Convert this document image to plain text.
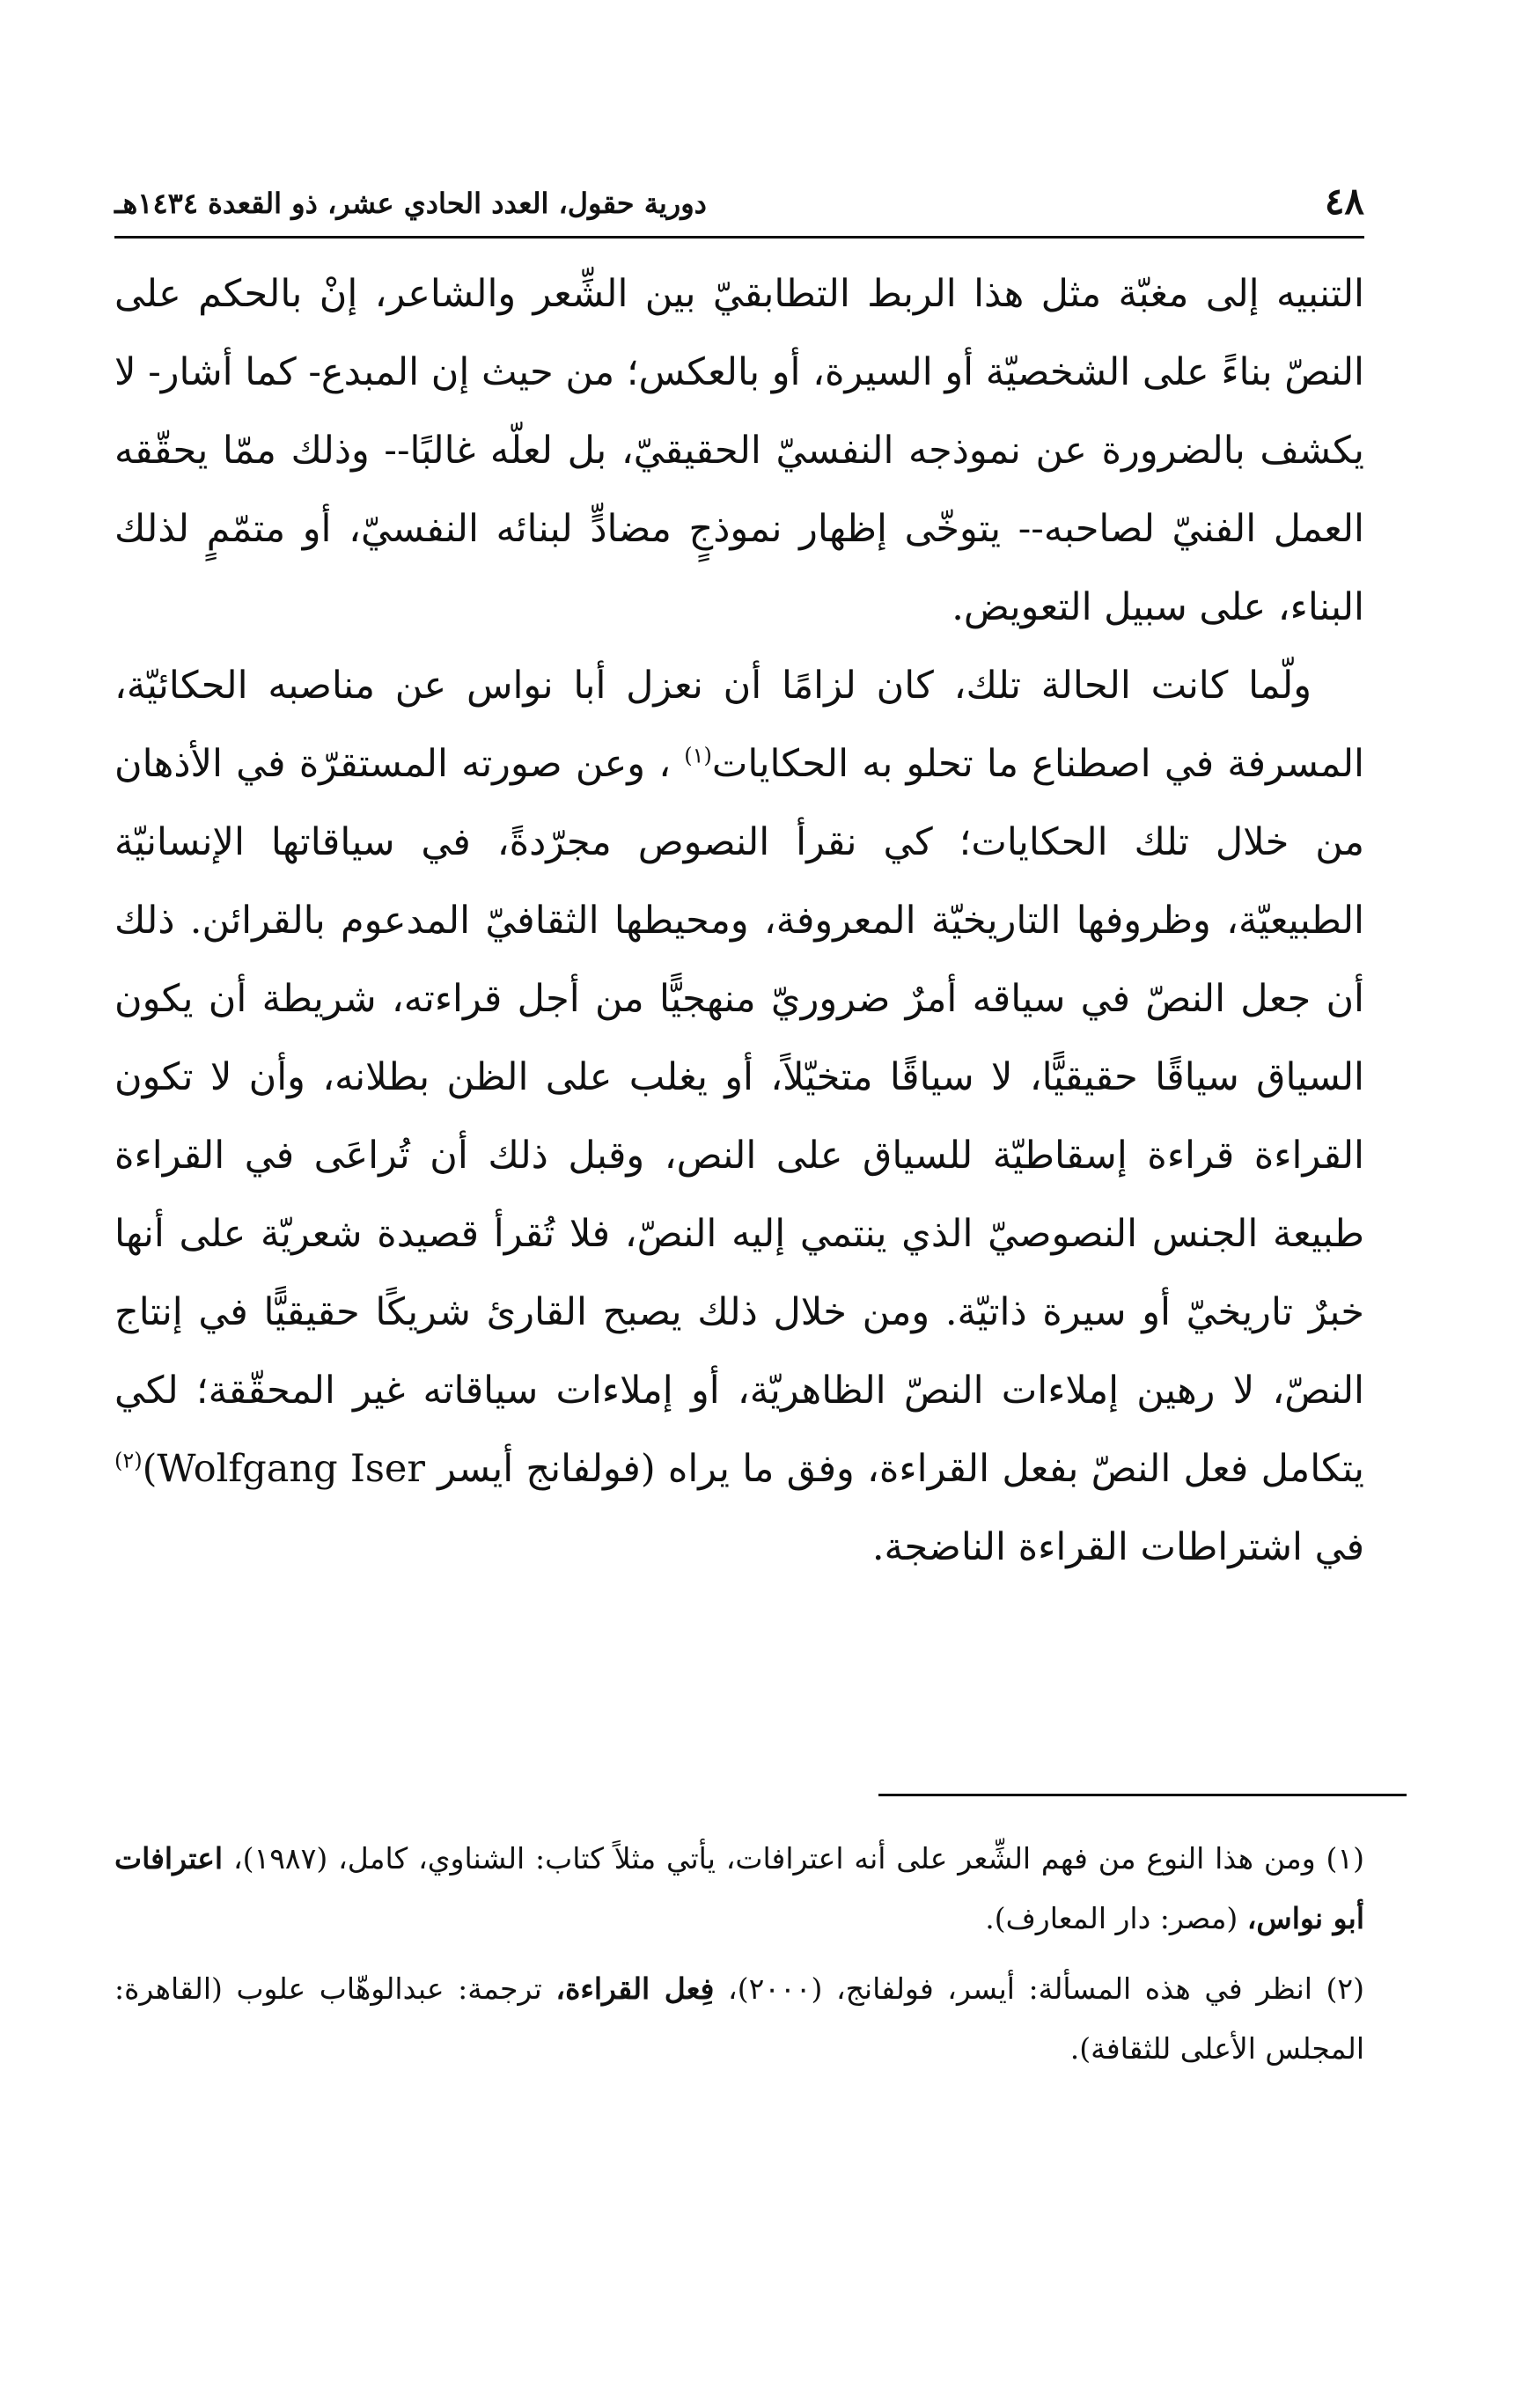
٤٨
دورية حقول، العدد الحادي عشر، ذو القعدة ١٤٣٤هـ

التنبيه إلى مغبّة مثل هذا الربط التطابقيّ بين الشِّعر والشاعر، إنْ بالحكم على النصّ بناءً على الشخصيّة أو السيرة، أو بالعكس؛ من حيث إن المبدع- كما أشار- لا يكشف بالضرورة عن نموذجه النفسيّ الحقيقيّ، بل لعلّه غالبًا-- وذلك ممّا يحقّقه العمل الفنيّ لصاحبه-- يتوخّى إظهار نموذجٍ مضادٍّ لبنائه النفسيّ، أو متمّمٍ لذلك البناء، على سبيل التعويض.

ولّما كانت الحالة تلك، كان لزامًا أن نعزل أبا نواس عن مناصبه الحكائيّة، المسرفة في اصطناع ما تحلو به الحكايات$^{(١)}$ ، وعن صورته المستقرّة في الأذهان من خلال تلك الحكايات؛ كي نقرأ النصوص مجرّدةً، في سياقاتها الإنسانيّة الطبيعيّة، وظروفها التاريخيّة المعروفة، ومحيطها الثقافيّ المدعوم بالقرائن. ذلك أن جعل النصّ في سياقه أمرٌ ضروريّ منهجيًّا من أجل قراءته، شريطة أن يكون السياق سياقًا حقيقيًّا، لا سياقًا متخيّلاً، أو يغلب على الظن بطلانه، وأن لا تكون القراءة قراءة إسقاطيّة للسياق على النص، وقبل ذلك أن تُراعَى في القراءة طبيعة الجنس النصوصيّ الذي ينتمي إليه النصّ، فلا تُقرأ قصيدة شعريّة على أنها خبرٌ تاريخيّ أو سيرة ذاتيّة. ومن خلال ذلك يصبح القارئ شريكًا حقيقيًّا في إنتاج النصّ، لا رهين إملاءات النصّ الظاهريّة، أو إملاءات سياقاته غير المحقّقة؛ لكي يتكامل فعل النصّ بفعل القراءة، وفق ما يراه (فولفانج أيسر Wolfgang Iser)$^{(٢)}$ في اشتراطات القراءة الناضجة.

(١) ومن هذا النوع من فهم الشِّعر على أنه اعترافات، يأتي مثلاً كتاب: الشناوي، كامل، (١٩٨٧)، اعترافات أبو نواس، (مصر: دار المعارف).

(٢) انظر في هذه المسألة: أيسر، فولفانج، (٢٠٠٠)، فِعل القراءة، ترجمة: عبدالوهّاب علوب (القاهرة: المجلس الأعلى للثقافة).
